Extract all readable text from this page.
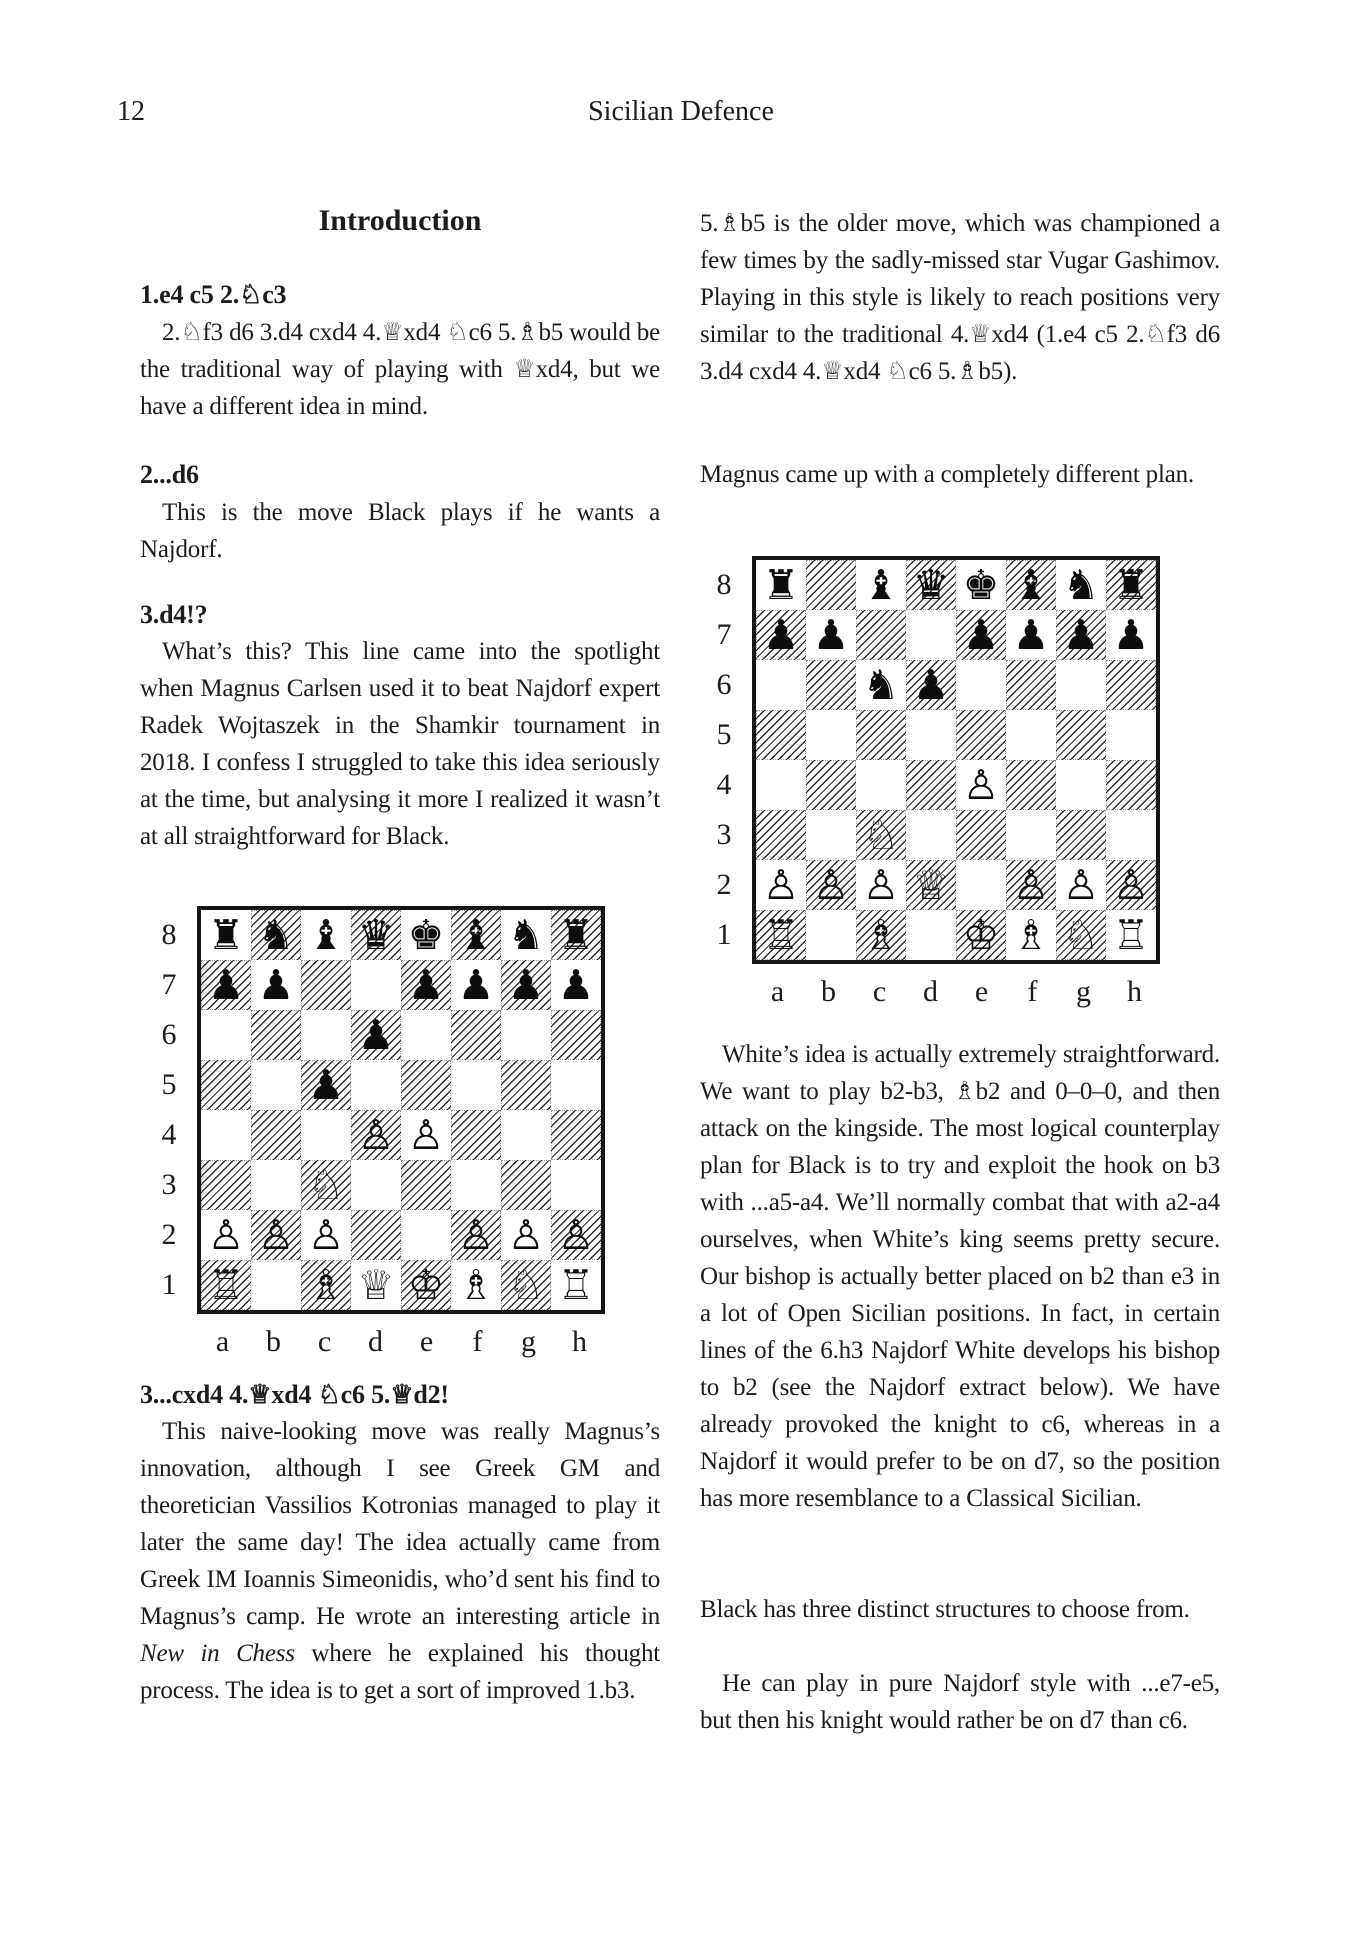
12	Sicilian Defence
Introduction

1.e4 c5 2.♘c3

2.♘f3 d6 3.d4 cxd4 4.♕xd4 ♘c6 5.♗b5 would be the traditional way of playing with ♕xd4, but we have a different idea in mind.

2...d6

This is the move Black plays if he wants a Najdorf.

3.d4!?

What’s this? This line came into the spotlight when Magnus Carlsen used it to beat Najdorf expert Radek Wojtaszek in the Shamkir tournament in 2018. I confess I struggled to take this idea seriously at the time, but analysing it more I realized it wasn’t at all straightforward for Black.

8
7
6
5
4
3
2
1
♜︎ ♞︎ ♝︎ ♛︎ ♚︎ ♝︎ ♞︎ ♜︎
♟︎ ♟︎	♟︎ ♟︎ ♟︎ ♟︎
♟︎
♟︎
♙︎ ♙︎
♘︎
♙︎ ♙︎ ♙︎	♙︎ ♙︎ ♙︎
♖︎ ♗︎ ♕︎ ♔︎ ♗︎ ♘︎ ♖︎
a	b	c	d	e	f	g	h

3...cxd4 4.♕xd4 ♘c6 5.♕d2!

This naive-looking move was really Magnus’s innovation, although I see Greek GM and theoretician Vassilios Kotronias managed to play it later the same day! The idea actually came from Greek IM Ioannis Simeonidis, who’d sent his find to Magnus’s camp. He wrote an interesting article in New in Chess where he explained his thought process. The idea is to get a sort of improved 1.b3.

5.♗b5 is the older move, which was championed a few times by the sadly-missed star Vugar Gashimov. Playing in this style is likely to reach positions very similar to the traditional 4.♕xd4 (1.e4 c5 2.♘f3 d6 3.d4 cxd4 4.♕xd4 ♘c6 5.♗b5).

Magnus came up with a completely different plan.

8
7
6
5
4
3
2
1
♜︎ ♝︎ ♛︎ ♚︎ ♝︎ ♞︎ ♜︎
♟︎ ♟︎	♟︎ ♟︎ ♟︎ ♟︎
♞︎ ♟︎
♙︎
♘︎
♙︎ ♙︎ ♙︎ ♕︎ ♙︎ ♙︎ ♙︎
♖︎ ♗︎ ♔︎ ♗︎ ♘︎ ♖︎
a	b	c	d	e	f	g	h

White’s idea is actually extremely straightforward. We want to play b2-b3, ♗b2 and 0–0–0, and then attack on the kingside. The most logical counterplay plan for Black is to try and exploit the hook on b3 with ...a5-a4. We’ll normally combat that with a2-a4 ourselves, when White’s king seems pretty secure. Our bishop is actually better placed on b2 than e3 in a lot of Open Sicilian positions. In fact, in certain lines of the 6.h3 Najdorf White develops his bishop to b2 (see the Najdorf extract below). We have already provoked the knight to c6, whereas in a Najdorf it would prefer to be on d7, so the position has more resemblance to a Classical Sicilian.

Black has three distinct structures to choose from.

He can play in pure Najdorf style with ...e7-e5, but then his knight would rather be on d7 than c6.
